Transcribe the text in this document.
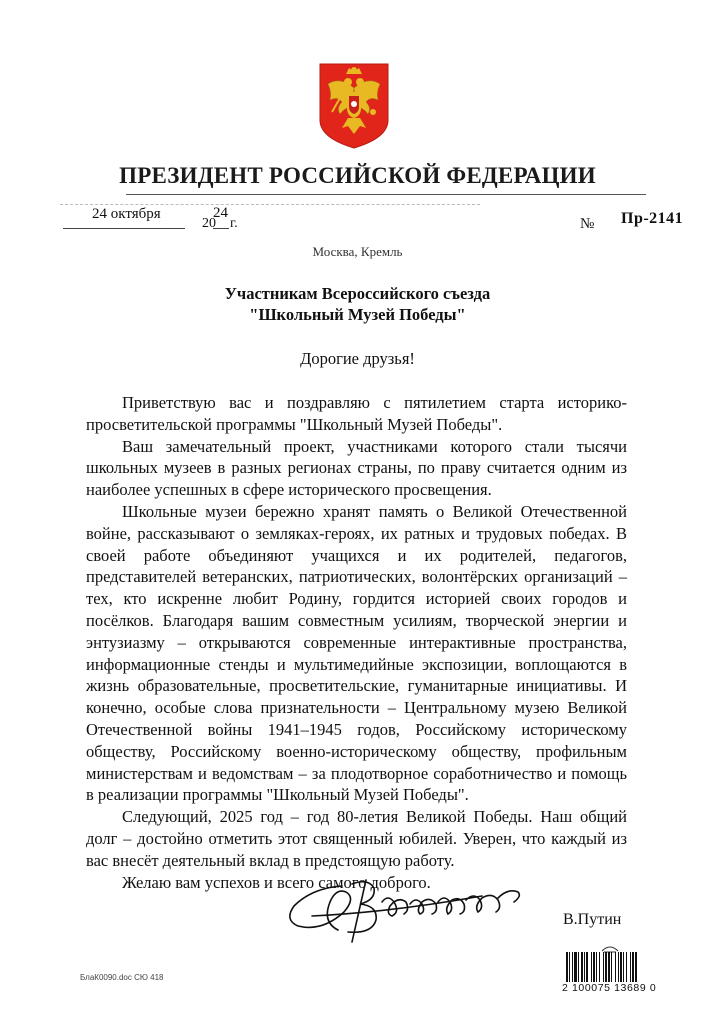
ПРЕЗИДЕНТ РОССИЙСКОЙ ФЕДЕРАЦИИ
24 октября
20
24
г.	№ Пр-2141
Москва, Кремль
Участникам Всероссийского съезда
"Школьный Музей Победы"
Дорогие друзья!

Приветствую вас и поздравляю с пятилетием старта историко-просветительской программы "Школьный Музей Победы".

Ваш замечательный проект, участниками которого стали тысячи школьных музеев в разных регионах страны, по праву считается одним из наиболее успешных в сфере исторического просвещения.

Школьные музеи бережно хранят память о Великой Отечественной войне, рассказывают о земляках-героях, их ратных и трудовых победах. В своей работе объединяют учащихся и их родителей, педагогов, представителей ветеранских, патриотических, волонтёрских организаций – тех, кто искренне любит Родину, гордится историей своих городов и посёлков. Благодаря вашим совместным усилиям, творческой энергии и энтузиазму – открываются современные интерактивные пространства, информационные стенды и мультимедийные экспозиции, воплощаются в жизнь образовательные, просветительские, гуманитарные инициативы. И конечно, особые слова признательности – Центральному музею Великой Отечественной войны 1941–1945 годов, Российскому историческому обществу, Российскому военно-историческому обществу, профильным министерствам и ведомствам – за плодотворное соработничество и помощь в реализации программы "Школьный Музей Победы".

Следующий, 2025 год – год 80-летия Великой Победы. Наш общий долг – достойно отметить этот священный юбилей. Уверен, что каждый из вас внесёт деятельный вклад в предстоящую работу.

Желаю вам успехов и всего самого доброго.

В.Путин
БлаК0090.doc СЮ 418
2 100075 13689 0
